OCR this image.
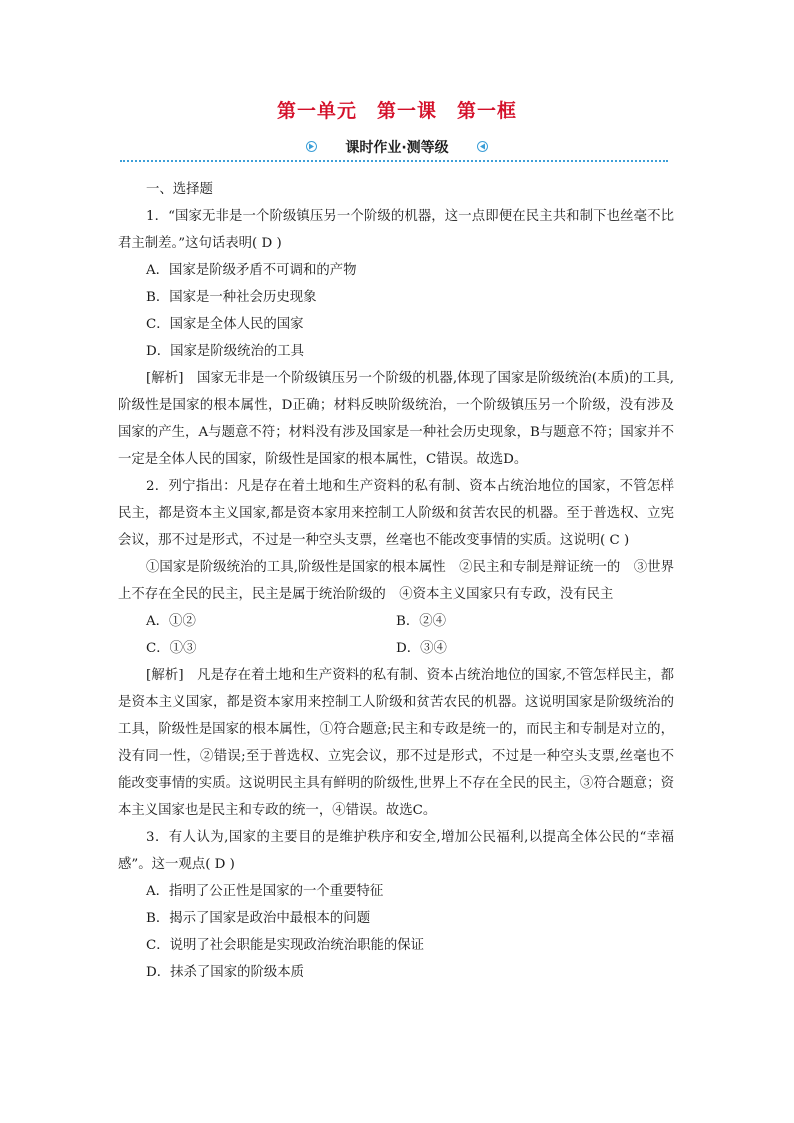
第一单元　第一课　第一框
课时作业·测等级

一、选择题

1．“国家无非是一个阶级镇压另一个阶级的机器，这一点即便在民主共和制下也丝毫不比君主制差。”这句话表明( D )

A．国家是阶级矛盾不可调和的产物

B．国家是一种社会历史现象

C．国家是全体人民的国家

D．国家是阶级统治的工具

[解析]　国家无非是一个阶级镇压另一个阶级的机器,体现了国家是阶级统治(本质)的工具,阶级性是国家的根本属性，D正确；材料反映阶级统治，一个阶级镇压另一个阶级，没有涉及国家的产生，A与题意不符；材料没有涉及国家是一种社会历史现象，B与题意不符；国家并不一定是全体人民的国家，阶级性是国家的根本属性，C错误。故选D。

2．列宁指出：凡是存在着土地和生产资料的私有制、资本占统治地位的国家，不管怎样民主，都是资本主义国家,都是资本家用来控制工人阶级和贫苦农民的机器。至于普选权、立宪会议，那不过是形式，不过是一种空头支票，丝毫也不能改变事情的实质。这说明( C )

①国家是阶级统治的工具,阶级性是国家的根本属性　②民主和专制是辩证统一的　③世界上不存在全民的民主，民主是属于统治阶级的　④资本主义国家只有专政，没有民主

A．①②	B．②④
C．①③	D．③④

[解析]　凡是存在着土地和生产资料的私有制、资本占统治地位的国家,不管怎样民主，都是资本主义国家，都是资本家用来控制工人阶级和贫苦农民的机器。这说明国家是阶级统治的工具，阶级性是国家的根本属性，①符合题意;民主和专政是统一的，而民主和专制是对立的，没有同一性，②错误;至于普选权、立宪会议，那不过是形式，不过是一种空头支票,丝毫也不能改变事情的实质。这说明民主具有鲜明的阶级性,世界上不存在全民的民主，③符合题意；资本主义国家也是民主和专政的统一，④错误。故选C。

3．有人认为,国家的主要目的是维护秩序和安全,增加公民福利,以提高全体公民的“幸福感”。这一观点( D )

A．指明了公正性是国家的一个重要特征

B．揭示了国家是政治中最根本的问题

C．说明了社会职能是实现政治统治职能的保证

D．抹杀了国家的阶级本质
